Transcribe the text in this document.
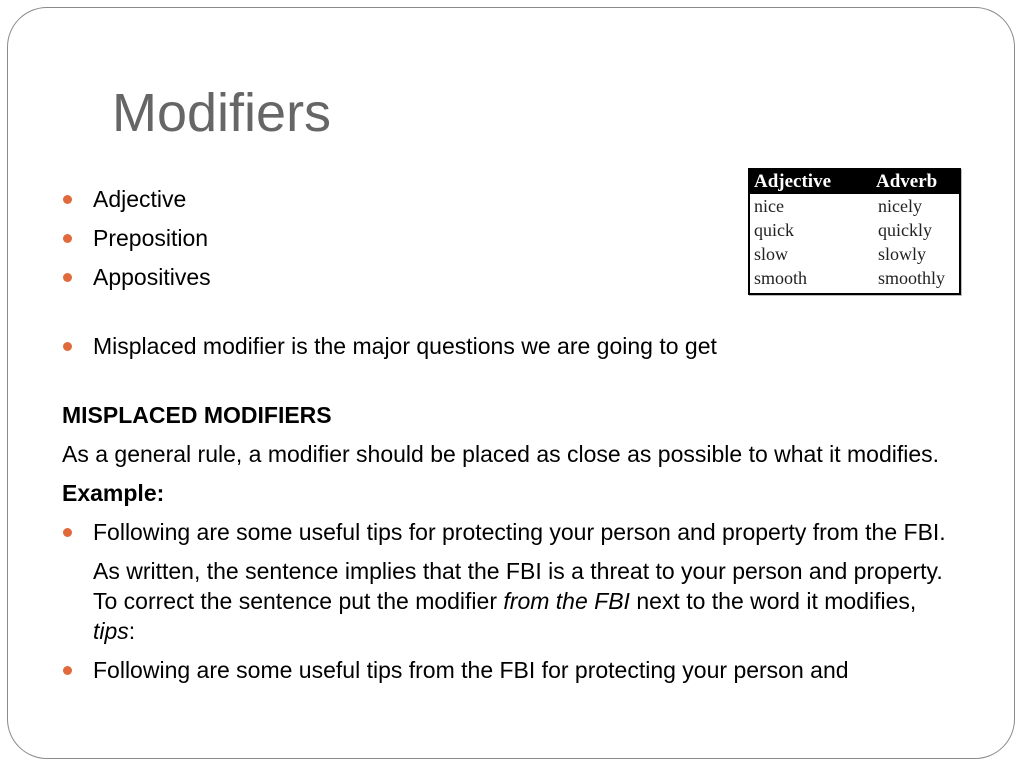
Modifiers
Adjective	Adverb
nice	nicely
quick	quickly
slow	slowly
smooth	smoothly

Adjective

Preposition

Appositives

Misplaced modifier is the major questions we are going to get

MISPLACED MODIFIERS

As a general rule, a modifier should be placed as close as possible to what it modifies.

Example:

Following are some useful tips for protecting your person and property from the FBI.

As written, the sentence implies that the FBI is a threat to your person and property. To correct the sentence put the modifier from the FBI next to the word it modifies, tips:

Following are some useful tips from the FBI for protecting your person and
